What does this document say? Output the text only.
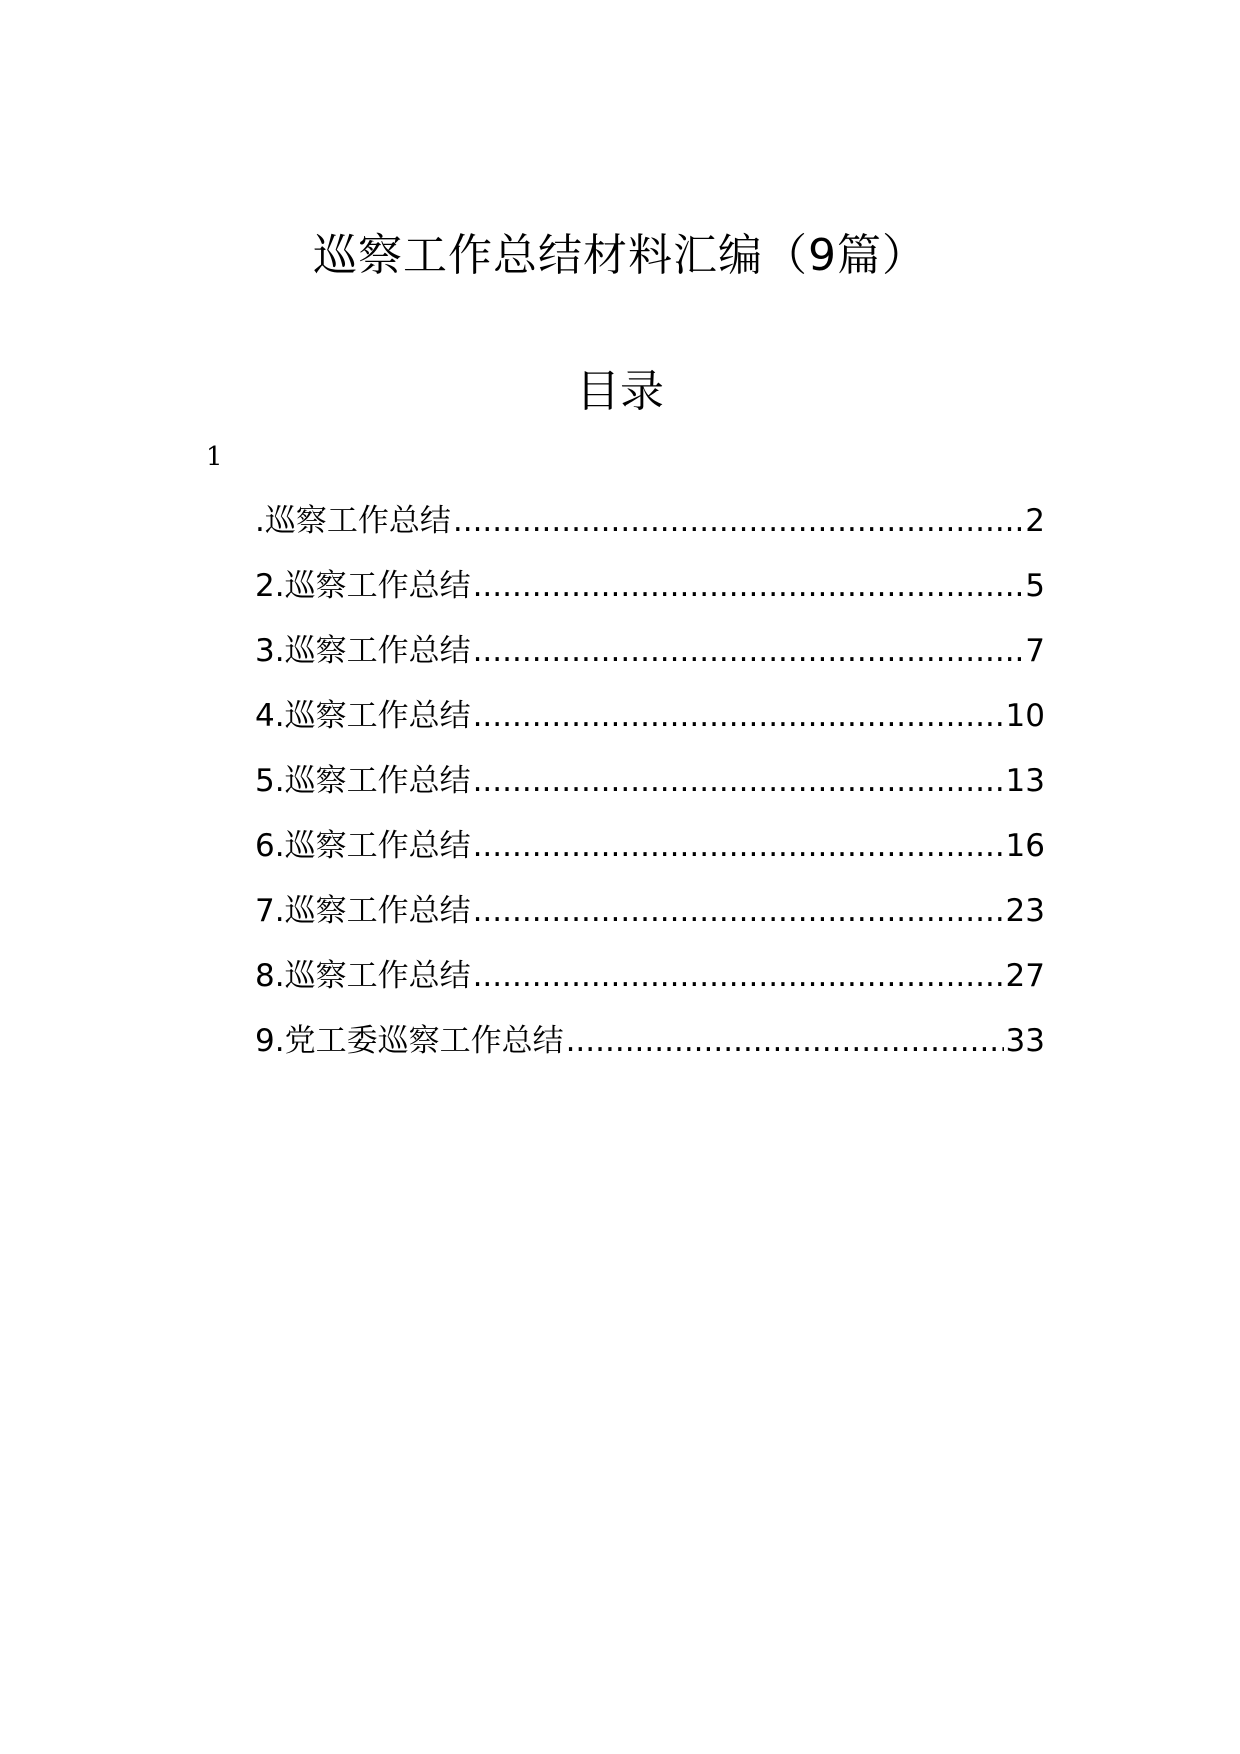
巡察工作总结材料汇编（9篇）
目录
1
.巡察工作总结 .....	2
2.巡察工作总结 .....	5
3.巡察工作总结 .....	7
4.巡察工作总结 .....	10
5.巡察工作总结 .....	13
6.巡察工作总结 .....	16
7.巡察工作总结 .....	23
8.巡察工作总结 .....	27
9.党工委巡察工作总结 .....	33
